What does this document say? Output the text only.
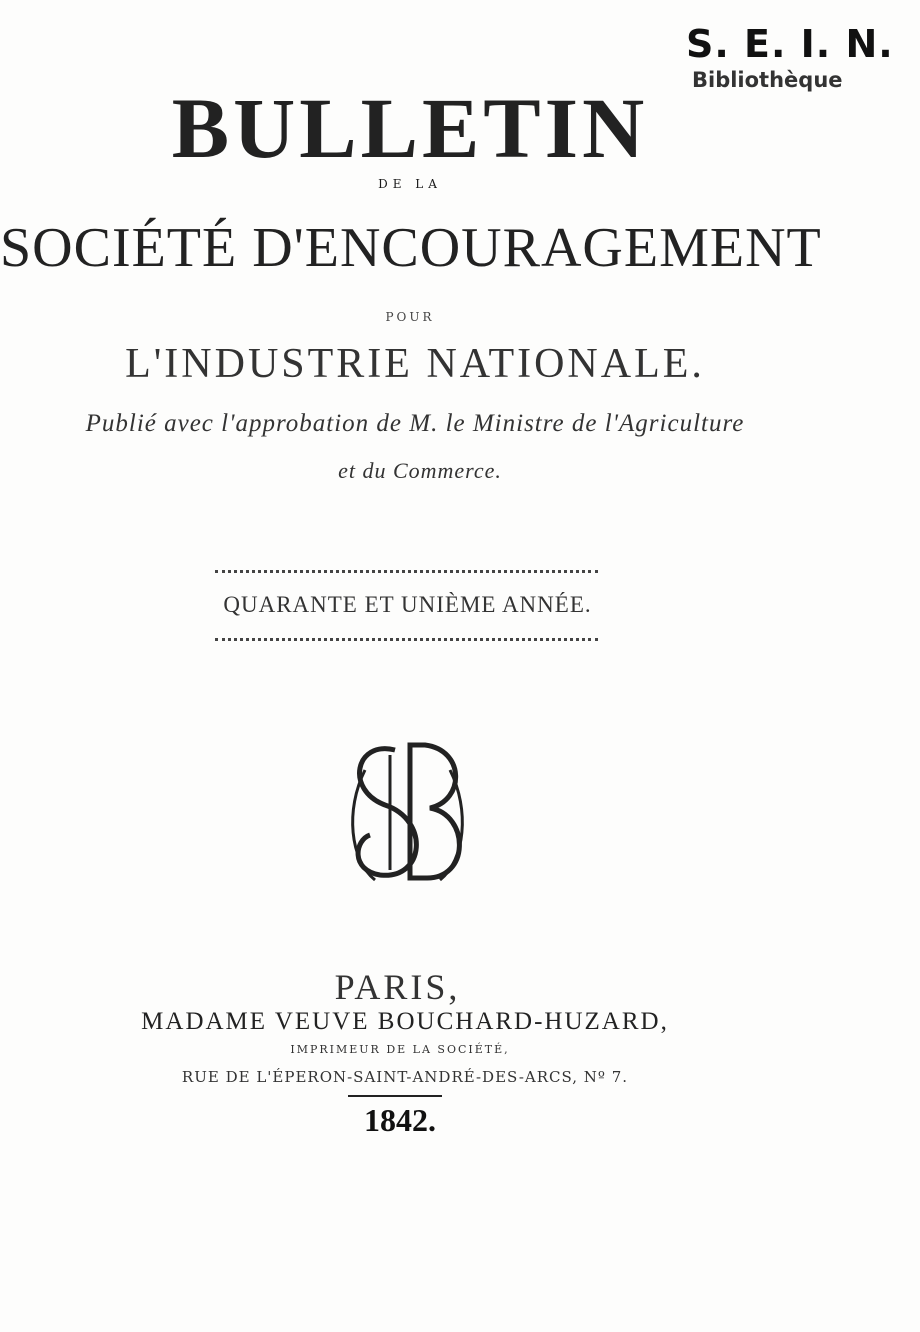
S. E. I. N.
Bibliothèque
BULLETIN
DE LA
SOCIÉTÉ D'ENCOURAGEMENT
POUR
L'INDUSTRIE NATIONALE.
Publié avec l'approbation de M. le Ministre de l'Agriculture
et du Commerce.
QUARANTE ET UNIÈME ANNÉE.
PARIS,
MADAME VEUVE BOUCHARD-HUZARD,
IMPRIMEUR DE LA SOCIÉTÉ,
RUE DE L'ÉPERON-SAINT-ANDRÉ-DES-ARCS, Nº 7.
1842.
